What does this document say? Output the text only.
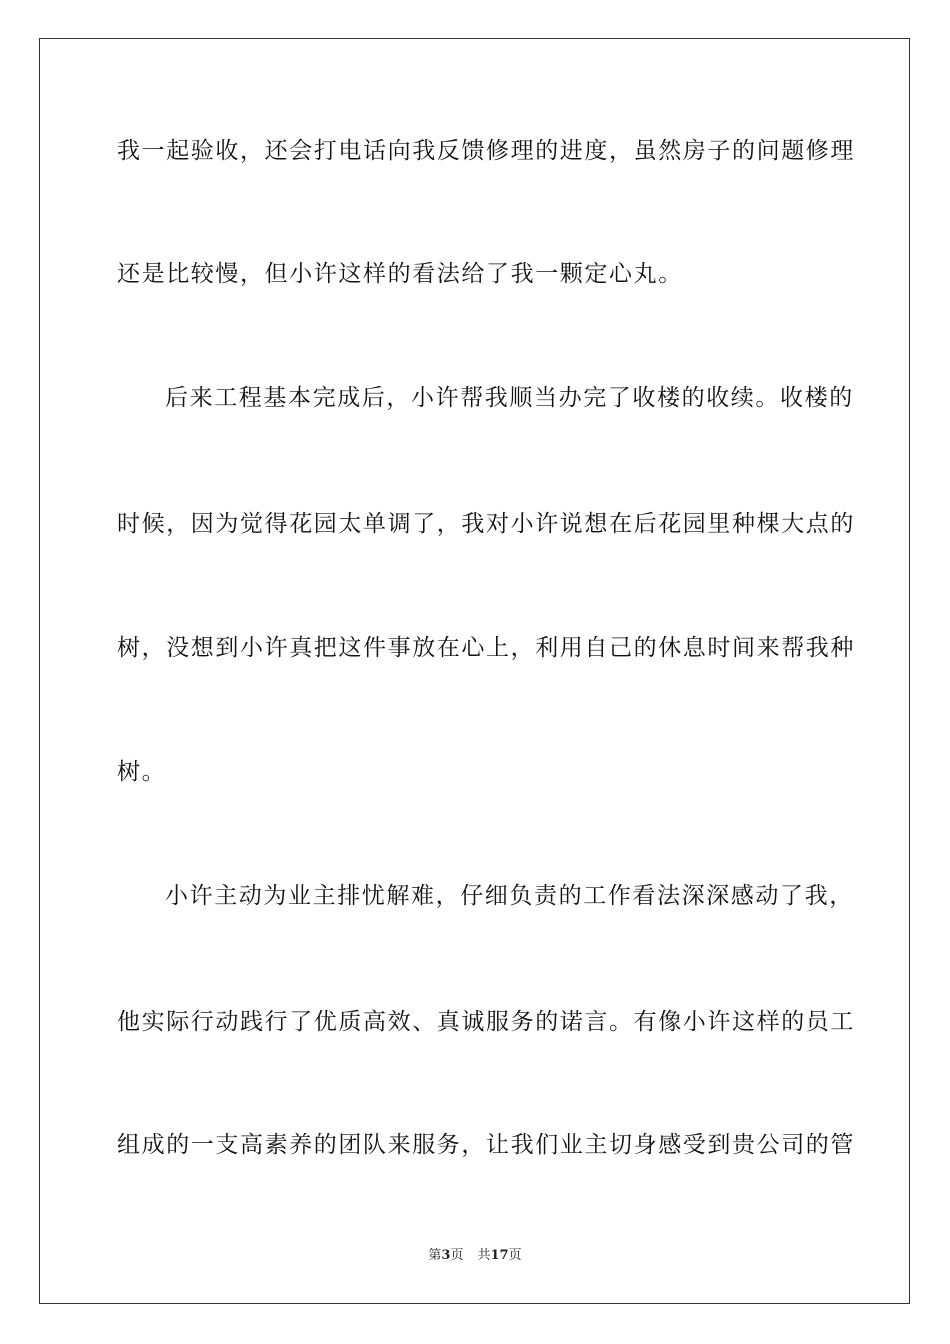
我一起验收，还会打电话向我反馈修理的进度，虽然房子的问题修理
还是比较慢，但小许这样的看法给了我一颗定心丸。
后来工程基本完成后，小许帮我顺当办完了收楼的收续。收楼的
时候，因为觉得花园太单调了，我对小许说想在后花园里种棵大点的
树，没想到小许真把这件事放在心上，利用自己的休息时间来帮我种
树。
小许主动为业主排忧解难，仔细负责的工作看法深深感动了我，
他实际行动践行了优质高效、真诚服务的诺言。有像小许这样的员工
组成的一支高素养的团队来服务，让我们业主切身感受到贵公司的管
第3页 共17页
